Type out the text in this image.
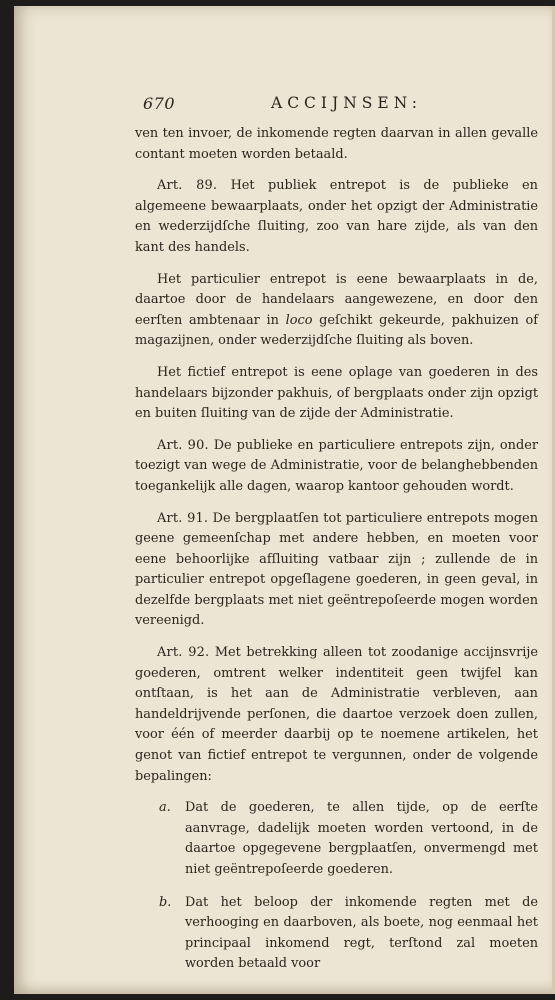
670	ACCIJNSEN:

ven ten invoer, de inkomende regten daarvan in allen gevalle contant moeten worden betaald.

Art. 89. Het publiek entrepot is de publieke en algemeene bewaarplaats, onder het opzigt der Administratie en wederzijdſche ſluiting, zoo van hare zijde, als van den kant des handels.

Het particulier entrepot is eene bewaarplaats in de, daartoe door de handelaars aangewezene, en door den eerſten ambtenaar in loco geſchikt gekeurde, pakhuizen of magazijnen, onder wederzijdſche ſluiting als boven.

Het fictief entrepot is eene oplage van goederen in des handelaars bijzonder pakhuis, of bergplaats onder zijn opzigt en buiten ſluiting van de zijde der Administratie.

Art. 90. De publieke en particuliere entrepots zijn, onder toezigt van wege de Administratie, voor de belanghebbenden toegankelijk alle dagen, waarop kantoor gehouden wordt.

Art. 91. De bergplaatſen tot particuliere entrepots mogen geene gemeenſchap met andere hebben, en moeten voor eene behoorlijke afſluiting vatbaar zijn ; zullende de in particulier entrepot opgeſlagene goederen, in geen geval, in dezelfde bergplaats met niet geëntrepoſeerde mogen worden vereenigd.

Art. 92. Met betrekking alleen tot zoodanige accijnsvrije goederen, omtrent welker indentiteit geen twijfel kan ontſtaan, is het aan de Administratie verbleven, aan handeldrijvende perſonen, die daartoe verzoek doen zullen, voor één of meerder daarbij op te noemene artikelen, het genot van fictief entrepot te vergunnen, onder de volgende bepalingen:

a.	Dat de goederen, te allen tijde, op de eerſte aanvrage, dadelijk moeten worden vertoond, in de daartoe opgegevene bergplaatſen, onvermengd met niet geëntrepoſeerde goederen.
b.	Dat het beloop der inkomende regten met de verhooging en daarboven, als boete, nog eenmaal het principaal inkomend regt, terſtond zal moeten worden betaald voor
